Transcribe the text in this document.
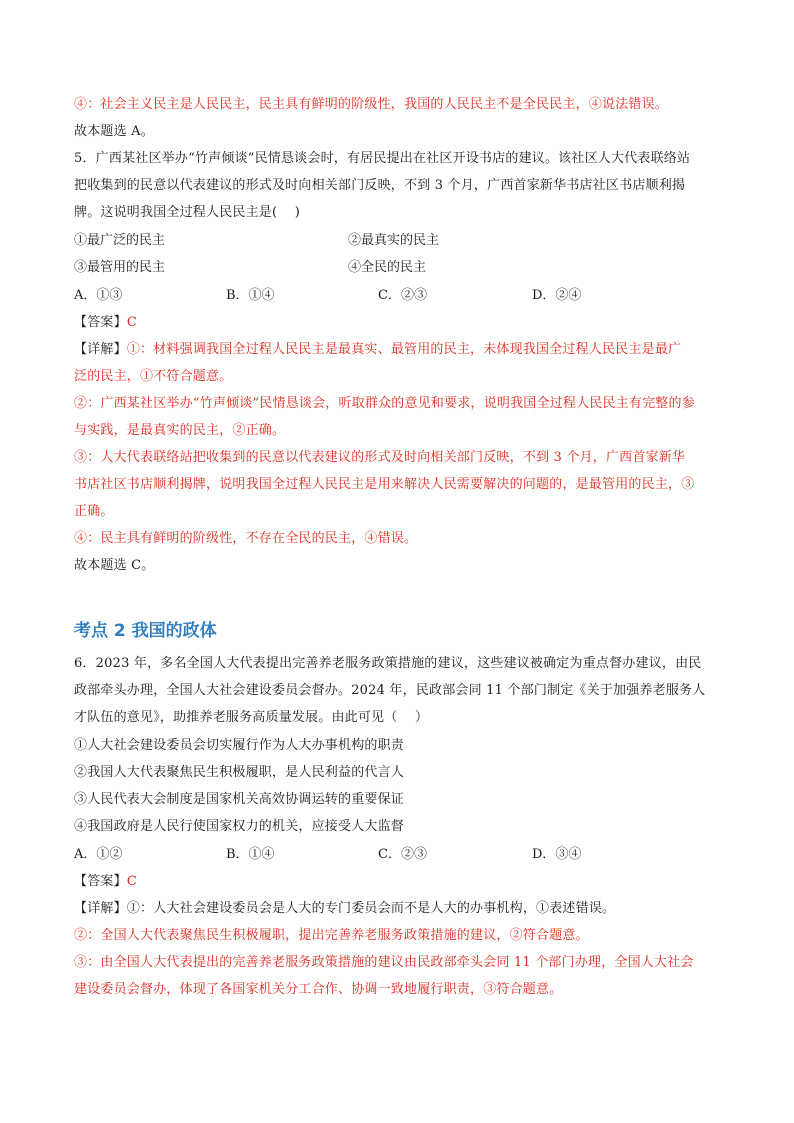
④：社会主义民主是人民民主，民主具有鲜明的阶级性，我国的人民民主不是全民民主，④说法错误。

故本题选 A。

5．广西某社区举办“竹声倾谈”民情恳谈会时，有居民提出在社区开设书店的建议。该社区人大代表联络站

把收集到的民意以代表建议的形式及时向相关部门反映，不到 3 个月，广西首家新华书店社区书店顺利揭

牌。这说明我国全过程人民民主是(　 )

①最广泛的民主	②最真实的民主

③最管用的民主	④全民的民主

A．①③	B．①④	C．②③	D．②④

【答案】C

【详解】①：材料强调我国全过程人民民主是最真实、最管用的民主，未体现我国全过程人民民主是最广

泛的民主，①不符合题意。

②：广西某社区举办“竹声倾谈”民情恳谈会，听取群众的意见和要求，说明我国全过程人民民主有完整的参

与实践，是最真实的民主，②正确。

③：人大代表联络站把收集到的民意以代表建议的形式及时向相关部门反映，不到 3 个月，广西首家新华

书店社区书店顺利揭牌，说明我国全过程人民民主是用来解决人民需要解决的问题的，是最管用的民主，③

正确。

④：民主具有鲜明的阶级性，不存在全民的民主，④错误。

故本题选 C。

考点 2 我国的政体

6．2023 年，多名全国人大代表提出完善养老服务政策措施的建议，这些建议被确定为重点督办建议，由民

政部牵头办理，全国人大社会建设委员会督办。2024 年，民政部会同 11 个部门制定《关于加强养老服务人

才队伍的意见》，助推养老服务高质量发展。由此可见（　 ）

①人大社会建设委员会切实履行作为人大办事机构的职责

②我国人大代表聚焦民生积极履职，是人民利益的代言人

③人民代表大会制度是国家机关高效协调运转的重要保证

④我国政府是人民行使国家权力的机关，应接受人大监督

A．①②	B．①④	C．②③	D．③④

【答案】C

【详解】①：人大社会建设委员会是人大的专门委员会而不是人大的办事机构，①表述错误。

②：全国人大代表聚焦民生积极履职，提出完善养老服务政策措施的建议，②符合题意。

③：由全国人大代表提出的完善养老服务政策措施的建议由民政部牵头会同 11 个部门办理，全国人大社会

建设委员会督办，体现了各国家机关分工合作、协调一致地履行职责，③符合题意。
